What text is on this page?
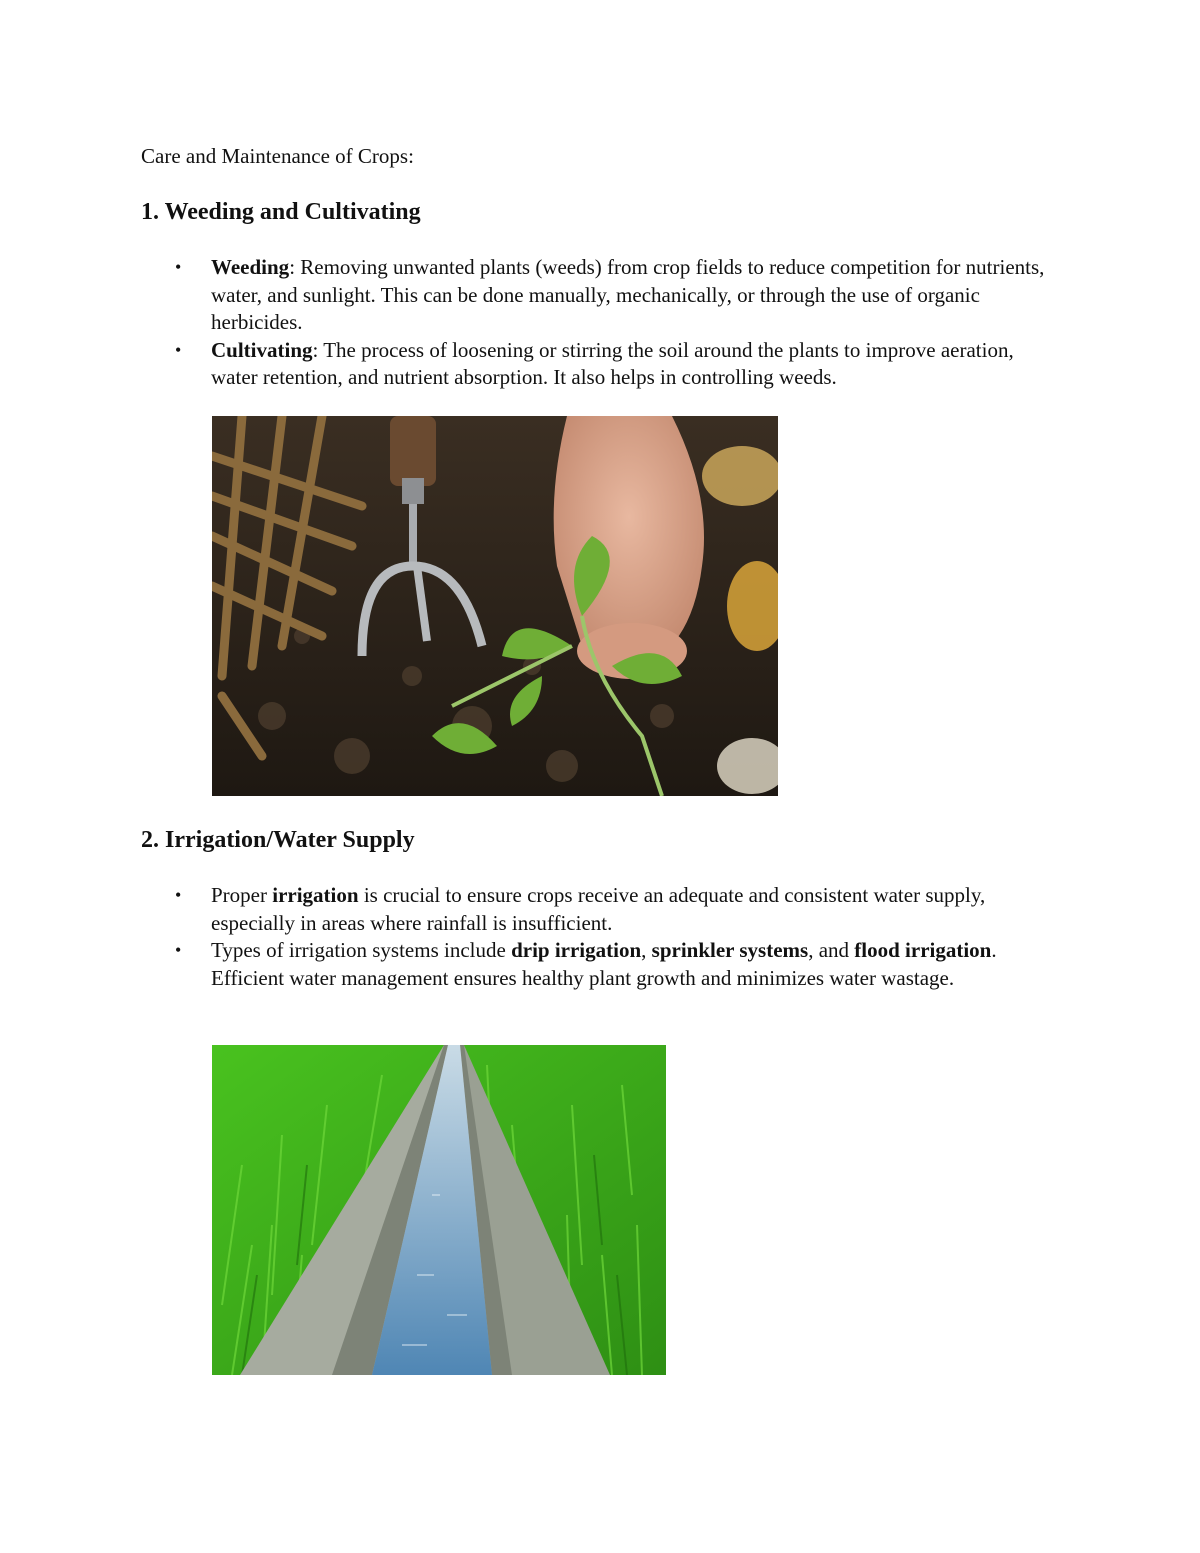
Care and Maintenance of Crops:

1. Weeding and Cultivating
• Weeding: Removing unwanted plants (weeds) from crop fields to reduce competition for nutrients, water, and sunlight. This can be done manually, mechanically, or through the use of organic herbicides.
• Cultivating: The process of loosening or stirring the soil around the plants to improve aeration, water retention, and nutrient absorption. It also helps in controlling weeds.
2. Irrigation/Water Supply
• Proper irrigation is crucial to ensure crops receive an adequate and consistent water supply, especially in areas where rainfall is insufficient.
• Types of irrigation systems include drip irrigation, sprinkler systems, and flood irrigation. Efficient water management ensures healthy plant growth and minimizes water wastage.
